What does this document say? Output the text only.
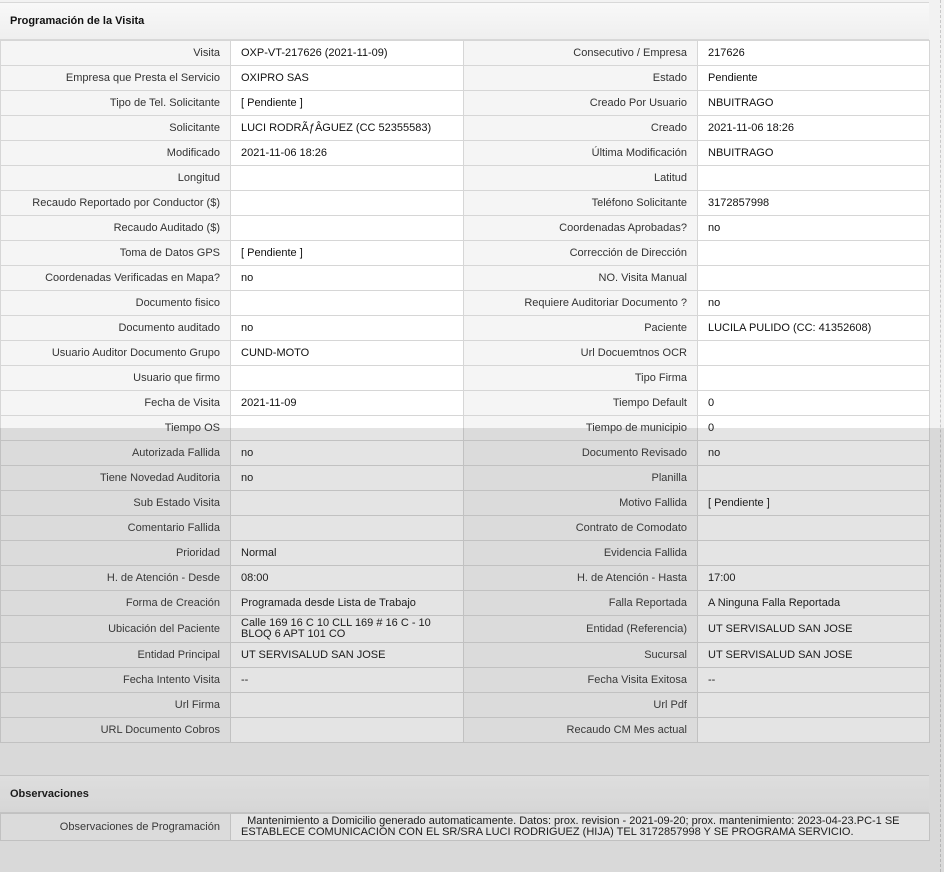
Programación de la Visita
Visita	OXP-VT-217626 (2021-11-09)	Consecutivo / Empresa	217626
Empresa que Presta el Servicio	OXIPRO SAS	Estado	Pendiente
Tipo de Tel. Solicitante	[ Pendiente ]	Creado Por Usuario	NBUITRAGO
Solicitante	LUCI RODRÃƒÂGUEZ (CC 52355583)	Creado	2021-11-06 18:26
Modificado	2021-11-06 18:26	Última Modificación	NBUITRAGO
Longitud		Latitud	
Recaudo Reportado por Conductor ($)		Teléfono Solicitante	3172857998
Recaudo Auditado ($)		Coordenadas Aprobadas?	no
Toma de Datos GPS	[ Pendiente ]	Corrección de Dirección	
Coordenadas Verificadas en Mapa?	no	NO. Visita Manual	
Documento fisico		Requiere Auditoriar Documento ?	no
Documento auditado	no	Paciente	LUCILA PULIDO (CC: 41352608)
Usuario Auditor Documento Grupo	CUND-MOTO	Url Docuemtnos OCR	
Usuario que firmo		Tipo Firma	
Fecha de Visita	2021-11-09	Tiempo Default	0
Tiempo OS		Tiempo de municipio	0
Autorizada Fallida	no	Documento Revisado	no
Tiene Novedad Auditoria	no	Planilla	
Sub Estado Visita		Motivo Fallida	[ Pendiente ]
Comentario Fallida		Contrato de Comodato	
Prioridad	Normal	Evidencia Fallida	
H. de Atención - Desde	08:00	H. de Atención - Hasta	17:00
Forma de Creación	Programada desde Lista de Trabajo	Falla Reportada	A Ninguna Falla Reportada
Ubicación del Paciente	Calle 169 16 C 10 CLL 169 # 16 C - 10 BLOQ 6 APT 101 CO	Entidad (Referencia)	UT SERVISALUD SAN JOSE
Entidad Principal	UT SERVISALUD SAN JOSE	Sucursal	UT SERVISALUD SAN JOSE
Fecha Intento Visita	--	Fecha Visita Exitosa	--
Url Firma		Url Pdf	
URL Documento Cobros		Recaudo CM Mes actual	
Observaciones
Observaciones de Programación	Mantenimiento a Domicilio generado automaticamente. Datos: prox. revision - 2021-09-20; prox. mantenimiento: 2023-04-23.PC-1 SE ESTABLECE COMUNICACIÓN CON EL SR/SRA LUCI RODRIGUEZ (HIJA) TEL 3172857998 Y SE PROGRAMA SERVICIO.
